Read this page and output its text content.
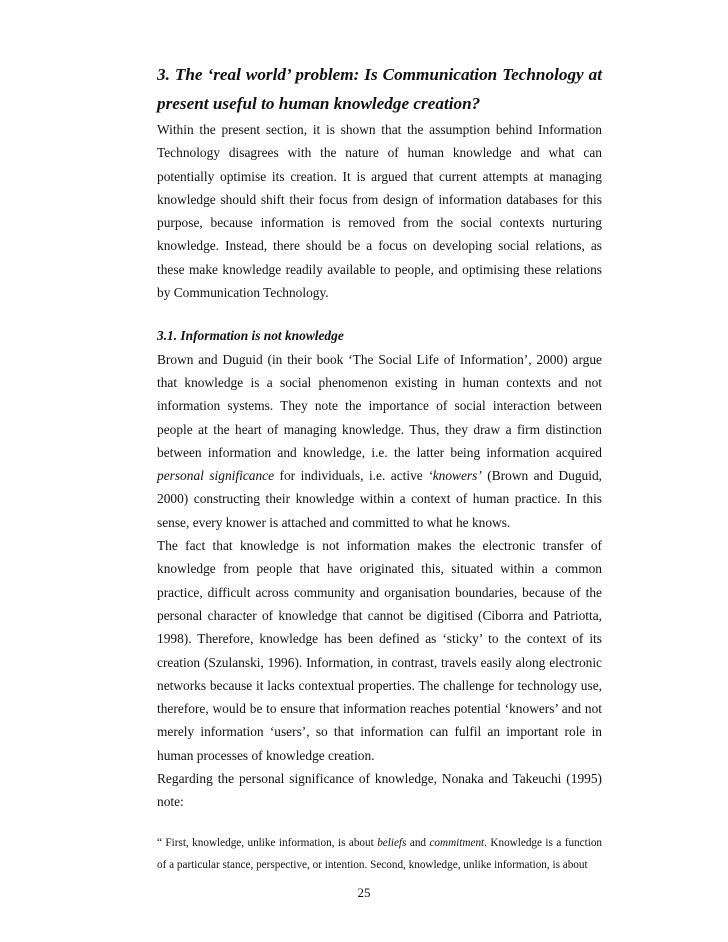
3. The ‘real world’ problem: Is Communication Technology at present useful to human knowledge creation?

Within the present section, it is shown that the assumption behind Information Technology disagrees with the nature of human knowledge and what can potentially optimise its creation. It is argued that current attempts at managing knowledge should shift their focus from design of information databases for this purpose, because information is removed from the social contexts nurturing knowledge. Instead, there should be a focus on developing social relations, as these make knowledge readily available to people, and optimising these relations by Communication Technology.

3.1. Information is not knowledge

Brown and Duguid (in their book ‘The Social Life of Information’, 2000) argue that knowledge is a social phenomenon existing in human contexts and not information systems. They note the importance of social interaction between people at the heart of managing knowledge. Thus, they draw a firm distinction between information and knowledge, i.e. the latter being information acquired personal significance for individuals, i.e. active ‘knowers’ (Brown and Duguid, 2000) constructing their knowledge within a context of human practice. In this sense, every knower is attached and committed to what he knows.

The fact that knowledge is not information makes the electronic transfer of knowledge from people that have originated this, situated within a common practice, difficult across community and organisation boundaries, because of the personal character of knowledge that cannot be digitised (Ciborra and Patriotta, 1998). Therefore, knowledge has been defined as ‘sticky’ to the context of its creation (Szulanski, 1996). Information, in contrast, travels easily along electronic networks because it lacks contextual properties. The challenge for technology use, therefore, would be to ensure that information reaches potential ‘knowers’ and not merely information ‘users’, so that information can fulfil an important role in human processes of knowledge creation.

Regarding the personal significance of knowledge, Nonaka and Takeuchi (1995) note:

“ First, knowledge, unlike information, is about beliefs and commitment. Knowledge is a function of a particular stance, perspective, or intention. Second, knowledge, unlike information, is about

25
